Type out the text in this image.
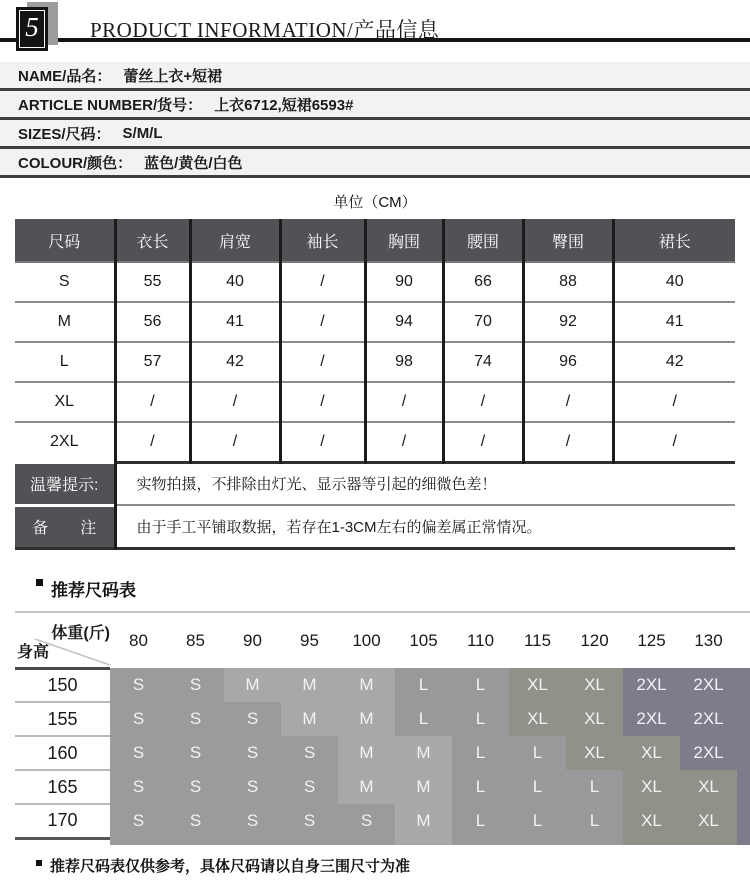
5 PRODUCT INFORMATION/产品信息
NAME/品名： 蕾丝上衣+短裙
ARTICLE NUMBER/货号： 上衣6712,短裙6593#
SIZES/尺码： S/M/L
COLOUR/颜色： 蓝色/黄色/白色
单位（CM）
尺码	衣长	肩宽	袖长	胸围	腰围	臀围	裙长
S	55	40	/	90	66	88	40
M	56	41	/	94	70	92	41
L	57	42	/	98	74	96	42
XL	/	/	/	/	/	/	/
2XL	/	/	/	/	/	/	/
温馨提示:	实物拍摄，不排除由灯光、显示器等引起的细微色差！						
备　　注	由于手工平铺取数据，若存在1-3CM左右的偏差属正常情况。						
推荐尺码表
体重(斤)
身高	80	85	90	95	100	105	110	115	120	125	130	
150	S	S	M	M	M	L	L	XL	XL	2XL	2XL	
155	S	S	S	M	M	L	L	XL	XL	2XL	2XL	
160	S	S	S	S	M	M	L	L	XL	XL	2XL	
165	S	S	S	S	M	M	L	L	L	XL	XL	
170	S	S	S	S	S	M	L	L	L	XL	XL	

推荐尺码表仅供参考，具体尺码请以自身三围尺寸为准
